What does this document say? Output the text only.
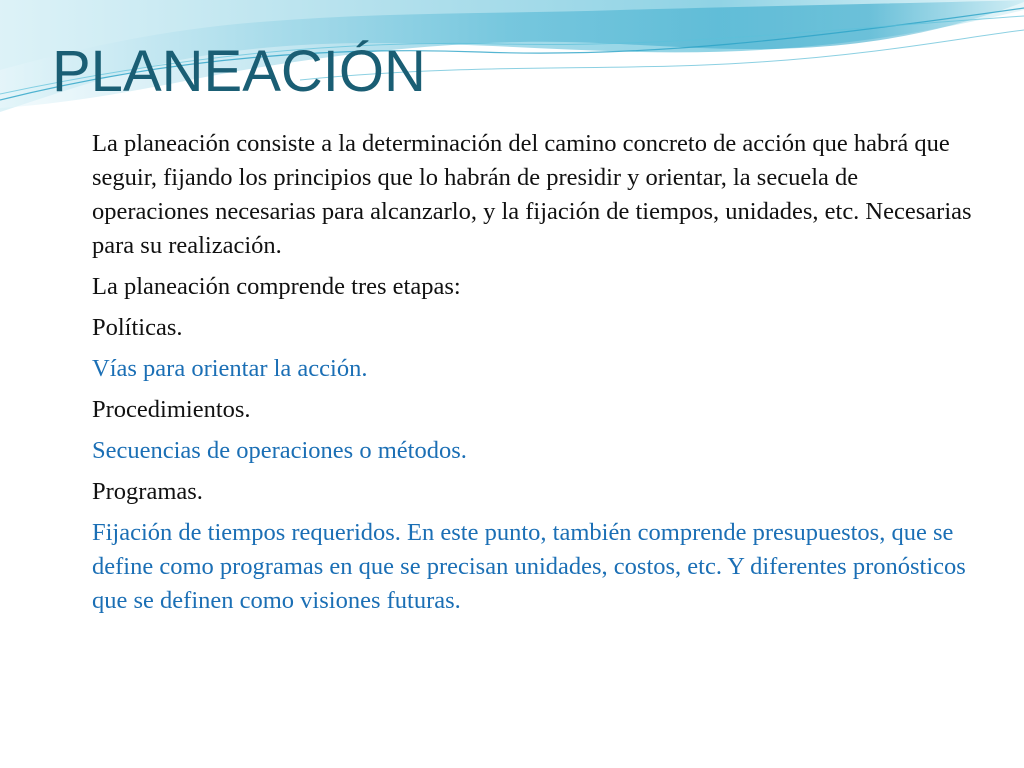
PLANEACIÓN

La planeación consiste a la determinación del camino concreto de acción que habrá que seguir, fijando los principios que lo habrán de presidir y orientar, la secuela de operaciones necesarias para alcanzarlo, y la fijación de tiempos, unidades, etc. Necesarias para su realización.

La planeación comprende tres etapas:

Políticas.

Vías para orientar la acción.

Procedimientos.

Secuencias de operaciones o métodos.

Programas.

Fijación de tiempos requeridos. En este punto, también comprende presupuestos, que se define como programas en que se precisan unidades, costos, etc. Y diferentes pronósticos que se definen como visiones futuras.
